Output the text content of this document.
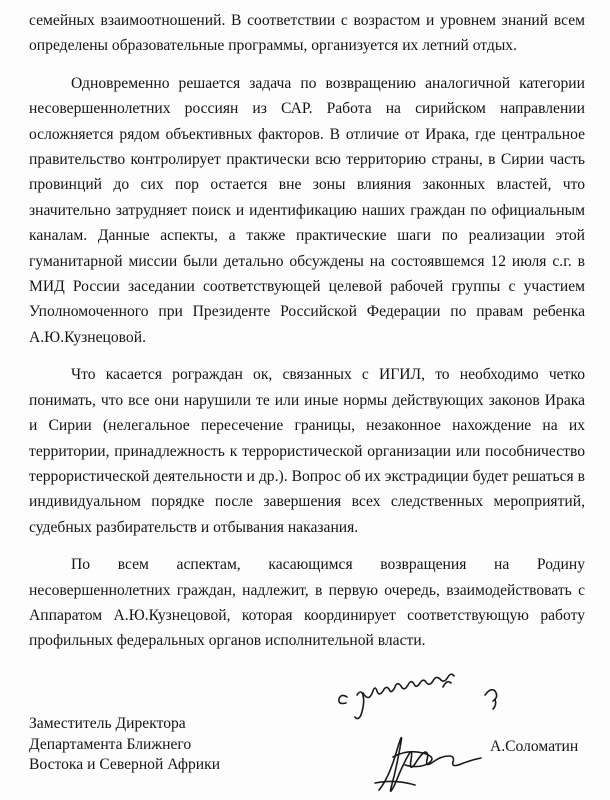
семейных взаимоотношений. В соответствии с возрастом и уровнем знаний всем определены образовательные программы, организуется их летний отдых.

Одновременно решается задача по возвращению аналогичной категории несовершеннолетних россиян из САР. Работа на сирийском направлении осложняется рядом объективных факторов. В отличие от Ирака, где центральное правительство контролирует практически всю территорию страны, в Сирии часть провинций до сих пор остается вне зоны влияния законных властей, что значительно затрудняет поиск и идентификацию наших граждан по официальным каналам. Данные аспекты, а также практические шаги по реализации этой гуманитарной миссии были детально обсуждены на состоявшемся 12 июля с.г. в МИД России заседании соответствующей целевой рабочей группы с участием Уполномоченного при Президенте Российской Федерации по правам ребенка А.Ю.Кузнецовой.

Что касается рограждан ок, связанных с ИГИЛ, то необходимо четко понимать, что все они нарушили те или иные нормы действующих законов Ирака и Сирии (нелегальное пересечение границы, незаконное нахождение на их территории, принадлежность к террористической организации или пособничество террористической деятельности и др.). Вопрос об их экстрадиции будет решаться в индивидуальном порядке после завершения всех следственных мероприятий, судебных разбирательств и отбывания наказания.

По всем аспектам, касающимся возвращения на Родину несовершеннолетних граждан, надлежит, в первую очередь, взаимодействовать с Аппаратом А.Ю.Кузнецовой, которая координирует соответствующую работу профильных федеральных органов исполнительной власти.

Заместитель Директора
Департамента Ближнего
Востока и Северной Африки
А.Соломатин
